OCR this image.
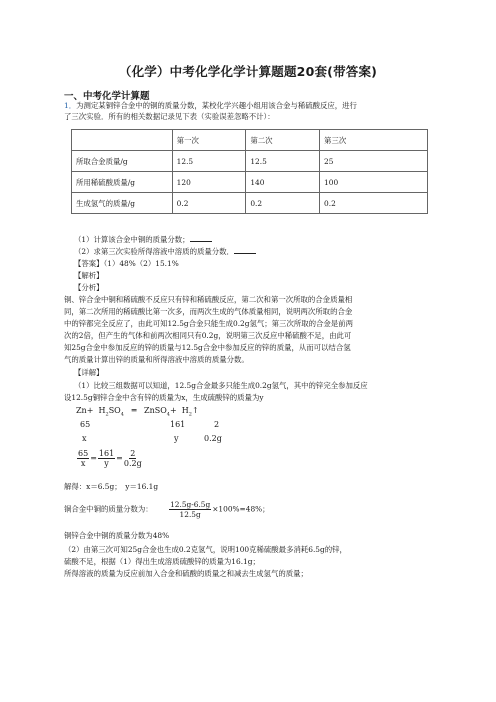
（化学）中考化学化学计算题题20套(带答案)
一、中考化学计算题
1．为测定某铜锌合金中的铜的质量分数，某校化学兴趣小组用该合金与稀硫酸反应，进行
了三次实验．所有的相关数据记录见下表（实验误差忽略不计）：
	第一次	第二次	第三次
所取合金质量/g	12.5	12.5	25
所用稀硫酸质量/g	120	140	100
生成氢气的质量/g	0.2	0.2	0.2
（1）计算该合金中铜的质量分数；
（2）求第三次实验所得溶液中溶质的质量分数．
【答案】（1）48%（2）15.1%
【解析】
【分析】
铜、锌合金中铜和稀硫酸不反应只有锌和稀硫酸反应，第二次和第一次所取的合金质量相
同，第二次所用的稀硫酸比第一次多，而两次生成的气体质量相同，说明两次所取的合金
中的锌都完全反应了，由此可知12.5g合金只能生成0.2g氢气；第三次所取的合金是前两
次的2倍，但产生的气体和前两次相同只有0.2g，说明第三次反应中稀硫酸不足，由此可
知25g合金中参加反应的锌的质量与12.5g合金中参加反应的锌的质量，从而可以结合氢
气的质量计算出锌的质量和所得溶液中溶质的质量分数。
【详解】
（1）比较三组数据可以知道，12.5g合金最多只能生成0.2g氢气，其中的锌完全参加反应
设12.5g铜锌合金中含有锌的质量为x，生成硫酸锌的质量为y
$Zn+ H_2SO_4$ ═ ZnSO$_4$+ $H_2↑$
65	161	2
x	y	0.2g
$\frac{65}{x} = \frac{161}{y} = \frac{2}{0.2g}$
解得：x＝6.5g；　y＝16.1g
铜合金中铜的质量分数为： $\frac{12.5g-6.5g}{12.5g} \times 100\%=48\%$；
铜锌合金中铜的质量分数为48%
（2）由第三次可知25g合金也生成0.2克氢气，说明100克稀硫酸最多消耗6.5g的锌，
硫酸不足，根据（1）得出生成溶质硫酸锌的质量为16.1g；
所得溶液的质量为反应前加入合金和硫酸的质量之和减去生成氢气的质量；
